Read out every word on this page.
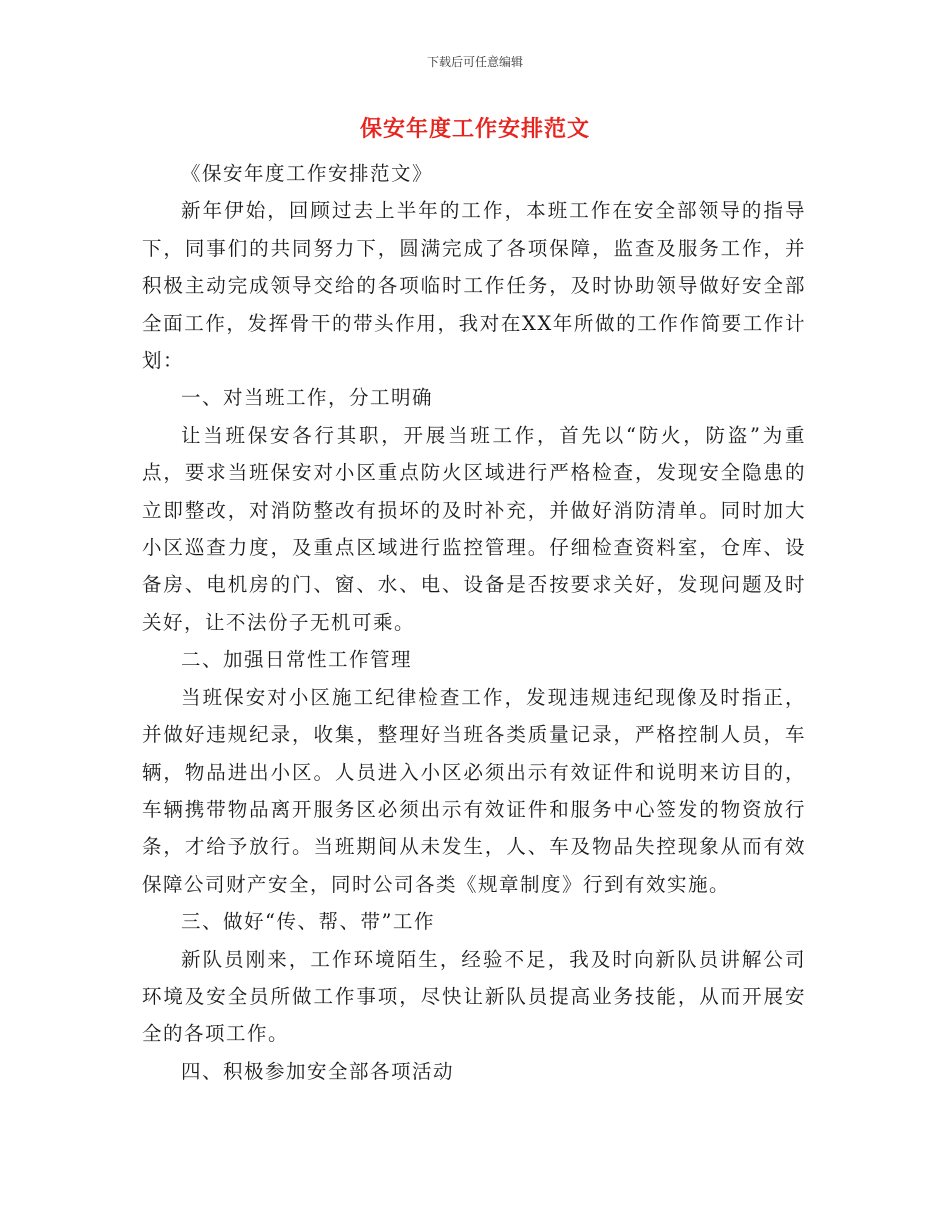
下载后可任意编辑
保安年度工作安排范文

《保安年度工作安排范文》

新年伊始，回顾过去上半年的工作，本班工作在安全部领导的指导下，同事们的共同努力下，圆满完成了各项保障，监查及服务工作，并积极主动完成领导交给的各项临时工作任务，及时协助领导做好安全部全面工作，发挥骨干的带头作用，我对在XX年所做的工作作简要工作计划：

一、对当班工作，分工明确

让当班保安各行其职，开展当班工作，首先以“防火，防盗”为重点，要求当班保安对小区重点防火区域进行严格检查，发现安全隐患的立即整改，对消防整改有损坏的及时补充，并做好消防清单。同时加大小区巡查力度，及重点区域进行监控管理。仔细检查资料室，仓库、设备房、电机房的门、窗、水、电、设备是否按要求关好，发现问题及时关好，让不法份子无机可乘。

二、加强日常性工作管理

当班保安对小区施工纪律检查工作，发现违规违纪现像及时指正，并做好违规纪录，收集，整理好当班各类质量记录，严格控制人员，车辆，物品进出小区。人员进入小区必须出示有效证件和说明来访目的，车辆携带物品离开服务区必须出示有效证件和服务中心签发的物资放行条，才给予放行。当班期间从未发生，人、车及物品失控现象从而有效保障公司财产安全，同时公司各类《规章制度》行到有效实施。

三、做好“传、帮、带”工作

新队员刚来，工作环境陌生，经验不足，我及时向新队员讲解公司环境及安全员所做工作事项，尽快让新队员提高业务技能，从而开展安全的各项工作。

四、积极参加安全部各项活动
